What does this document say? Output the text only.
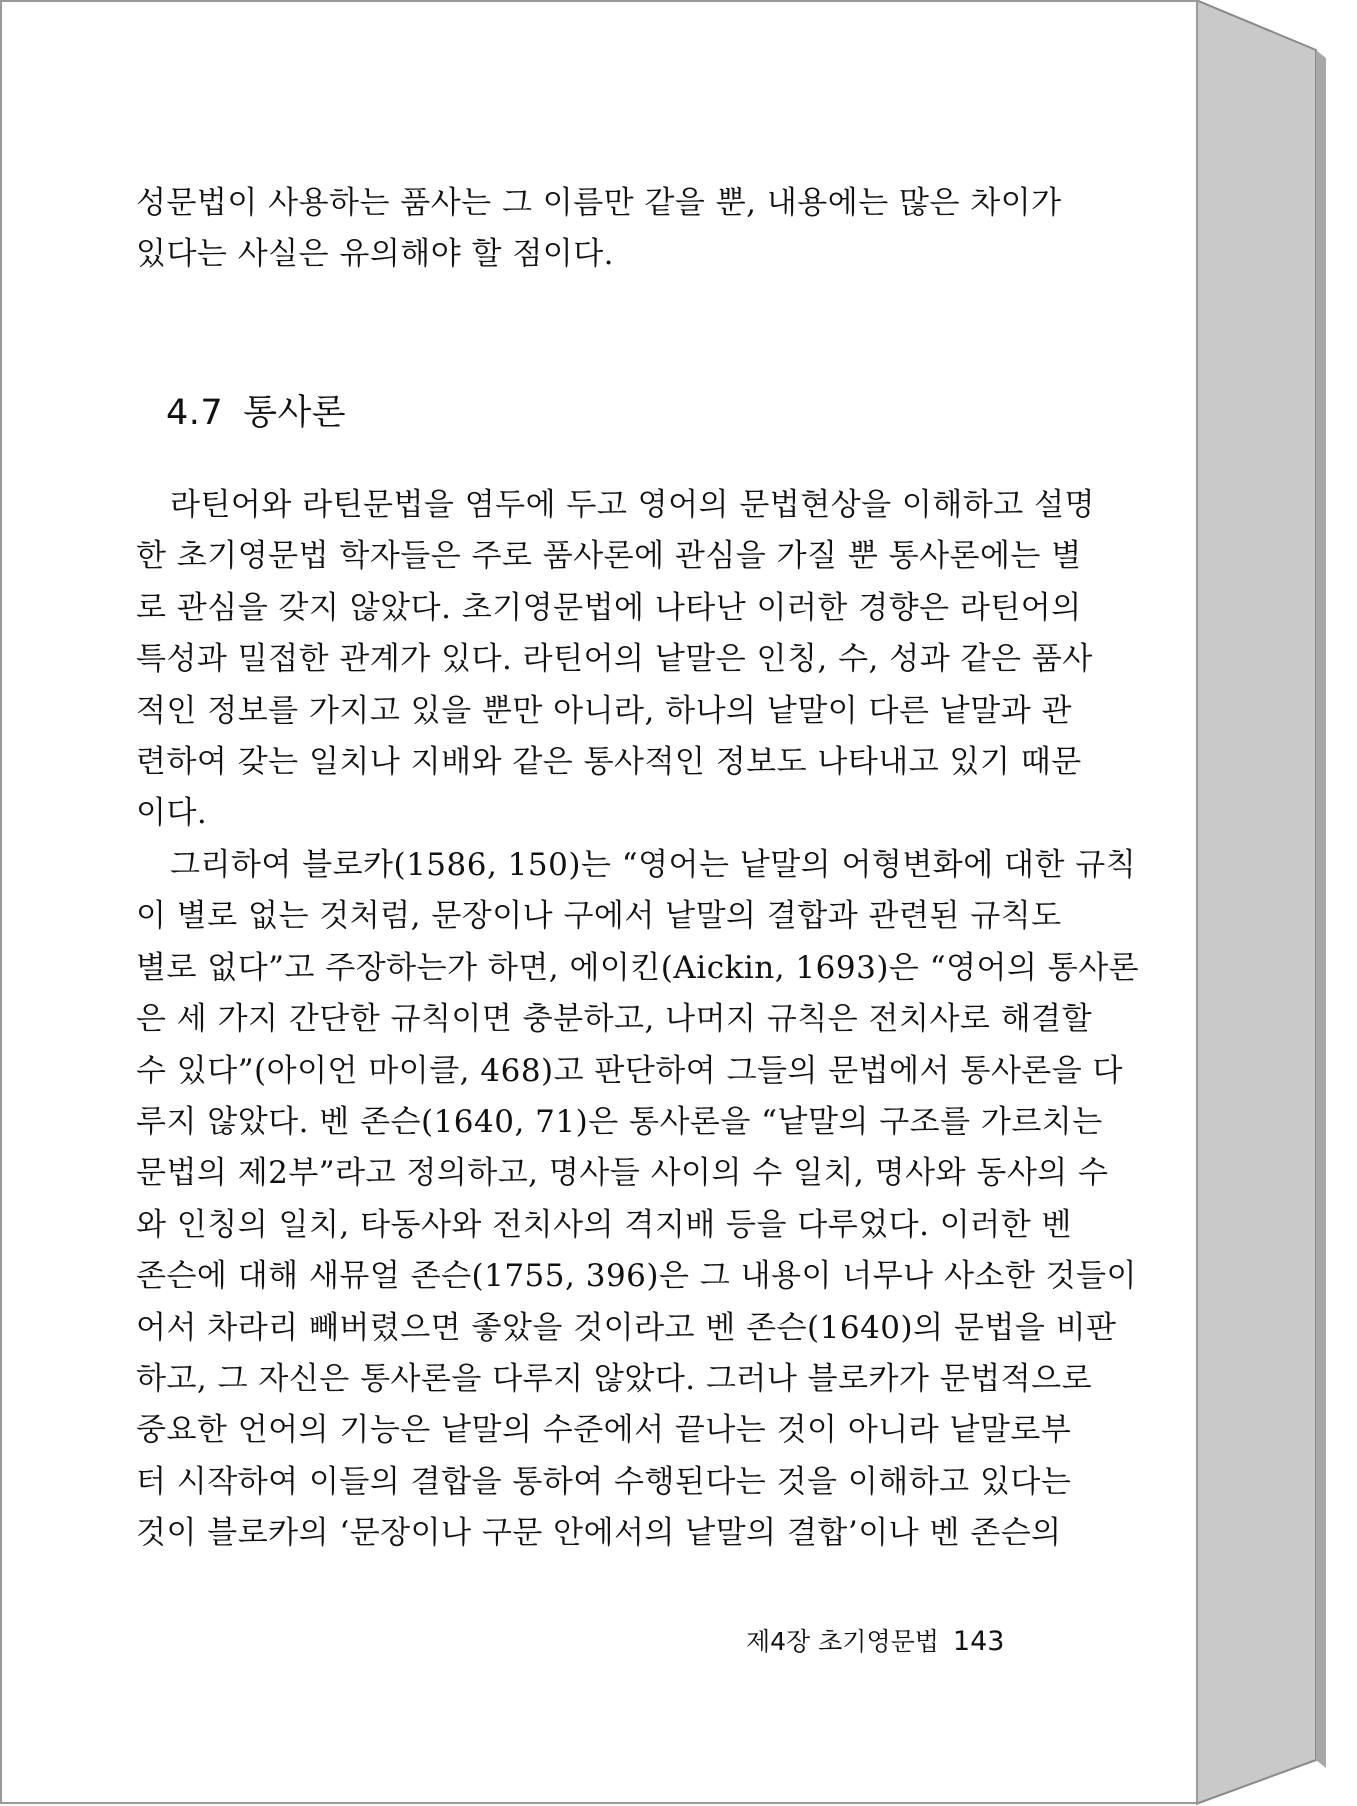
성문법이 사용하는 품사는 그 이름만 같을 뿐, 내용에는 많은 차이가
있다는 사실은 유의해야 할 점이다.
4.7 통사론
라틴어와 라틴문법을 염두에 두고 영어의 문법현상을 이해하고 설명
한 초기영문법 학자들은 주로 품사론에 관심을 가질 뿐 통사론에는 별
로 관심을 갖지 않았다. 초기영문법에 나타난 이러한 경향은 라틴어의
특성과 밀접한 관계가 있다. 라틴어의 낱말은 인칭, 수, 성과 같은 품사
적인 정보를 가지고 있을 뿐만 아니라, 하나의 낱말이 다른 낱말과 관
련하여 갖는 일치나 지배와 같은 통사적인 정보도 나타내고 있기 때문
이다.
그리하여 블로카(1586, 150)는 “영어는 낱말의 어형변화에 대한 규칙
이 별로 없는 것처럼, 문장이나 구에서 낱말의 결합과 관련된 규칙도
별로 없다”고 주장하는가 하면, 에이킨(Aickin, 1693)은 “영어의 통사론
은 세 가지 간단한 규칙이면 충분하고, 나머지 규칙은 전치사로 해결할
수 있다”(아이언 마이클, 468)고 판단하여 그들의 문법에서 통사론을 다
루지 않았다. 벤 존슨(1640, 71)은 통사론을 “낱말의 구조를 가르치는
문법의 제2부”라고 정의하고, 명사들 사이의 수 일치, 명사와 동사의 수
와 인칭의 일치, 타동사와 전치사의 격지배 등을 다루었다. 이러한 벤
존슨에 대해 새뮤얼 존슨(1755, 396)은 그 내용이 너무나 사소한 것들이
어서 차라리 빼버렸으면 좋았을 것이라고 벤 존슨(1640)의 문법을 비판
하고, 그 자신은 통사론을 다루지 않았다. 그러나 블로카가 문법적으로
중요한 언어의 기능은 낱말의 수준에서 끝나는 것이 아니라 낱말로부
터 시작하여 이들의 결합을 통하여 수행된다는 것을 이해하고 있다는
것이 블로카의 ‘문장이나 구문 안에서의 낱말의 결합’이나 벤 존슨의
제4장 초기영문법 143
